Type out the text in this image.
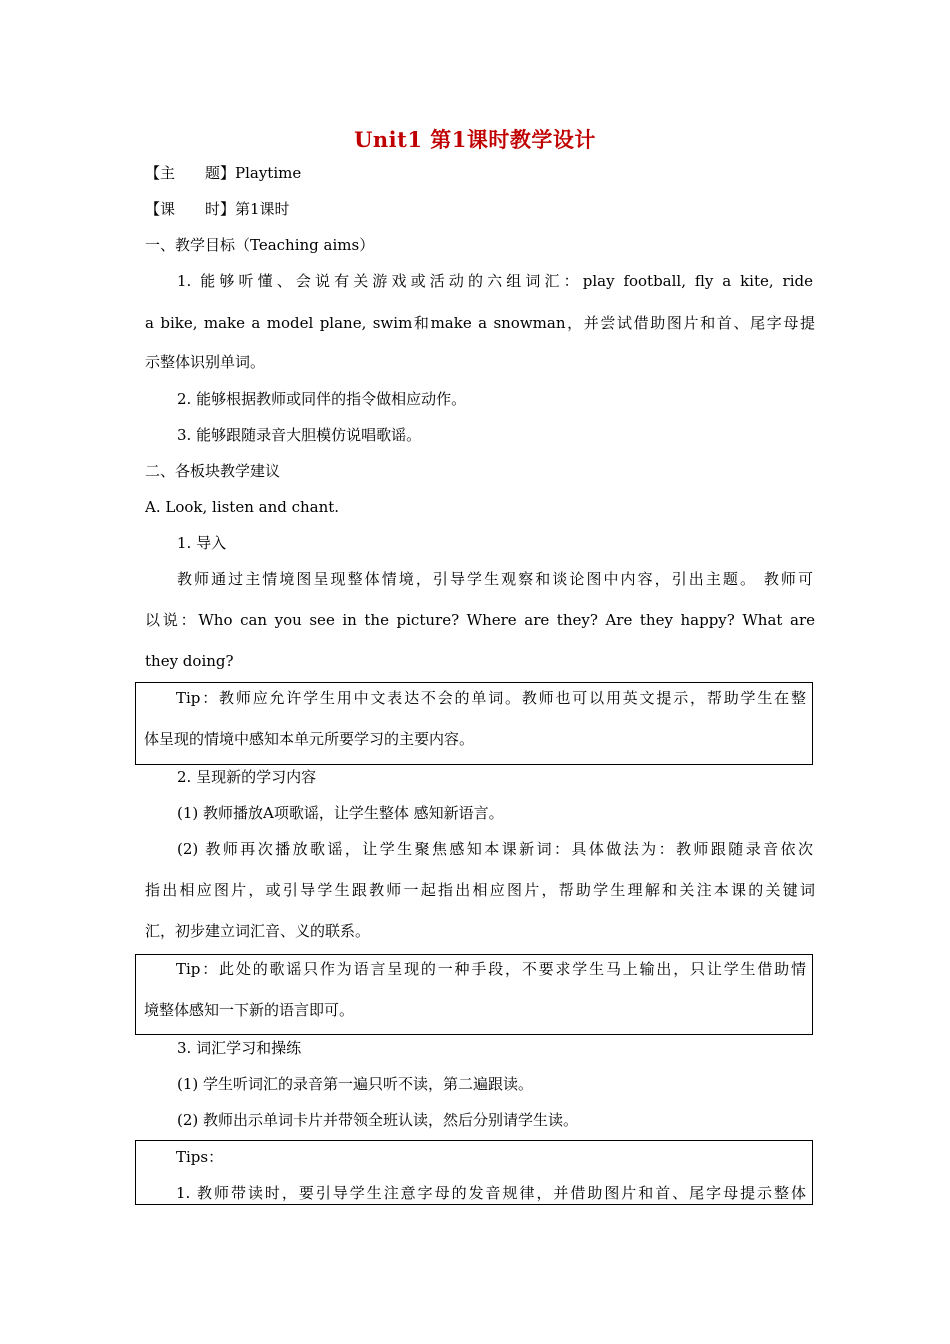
Unit1 第1课时教学设计
【主　　题】Playtime
【课　　时】第1课时
一、教学目标（Teaching aims）
1. 能够听懂、会说有关游戏或活动的六组词汇：play football, fly a kite, ride
a bike, make a model plane, swim和make a snowman，并尝试借助图片和首、尾字母提
示整体识别单词。
2. 能够根据教师或同伴的指令做相应动作。
3. 能够跟随录音大胆模仿说唱歌谣。
二、各板块教学建议
A. Look, listen and chant.
1. 导入
教师通过主情境图呈现整体情境，引导学生观察和谈论图中内容，引出主题。 教师可
以说：Who can you see in the picture? Where are they? Are they happy? What are
they doing?
Tip：教师应允许学生用中文表达不会的单词。教师也可以用英文提示，帮助学生在整
体呈现的情境中感知本单元所要学习的主要内容。
2. 呈现新的学习内容
(1) 教师播放A项歌谣，让学生整体 感知新语言。
(2) 教师再次播放歌谣，让学生聚焦感知本课新词：具体做法为：教师跟随录音依次
指出相应图片，或引导学生跟教师一起指出相应图片，帮助学生理解和关注本课的关键词
汇，初步建立词汇音、义的联系。
Tip：此处的歌谣只作为语言呈现的一种手段，不要求学生马上输出，只让学生借助情
境整体感知一下新的语言即可。
3. 词汇学习和操练
(1) 学生听词汇的录音第一遍只听不读，第二遍跟读。
(2) 教师出示单词卡片并带领全班认读，然后分别请学生读。
Tips：
1. 教师带读时，要引导学生注意字母的发音规律，并借助图片和首、尾字母提示整体
